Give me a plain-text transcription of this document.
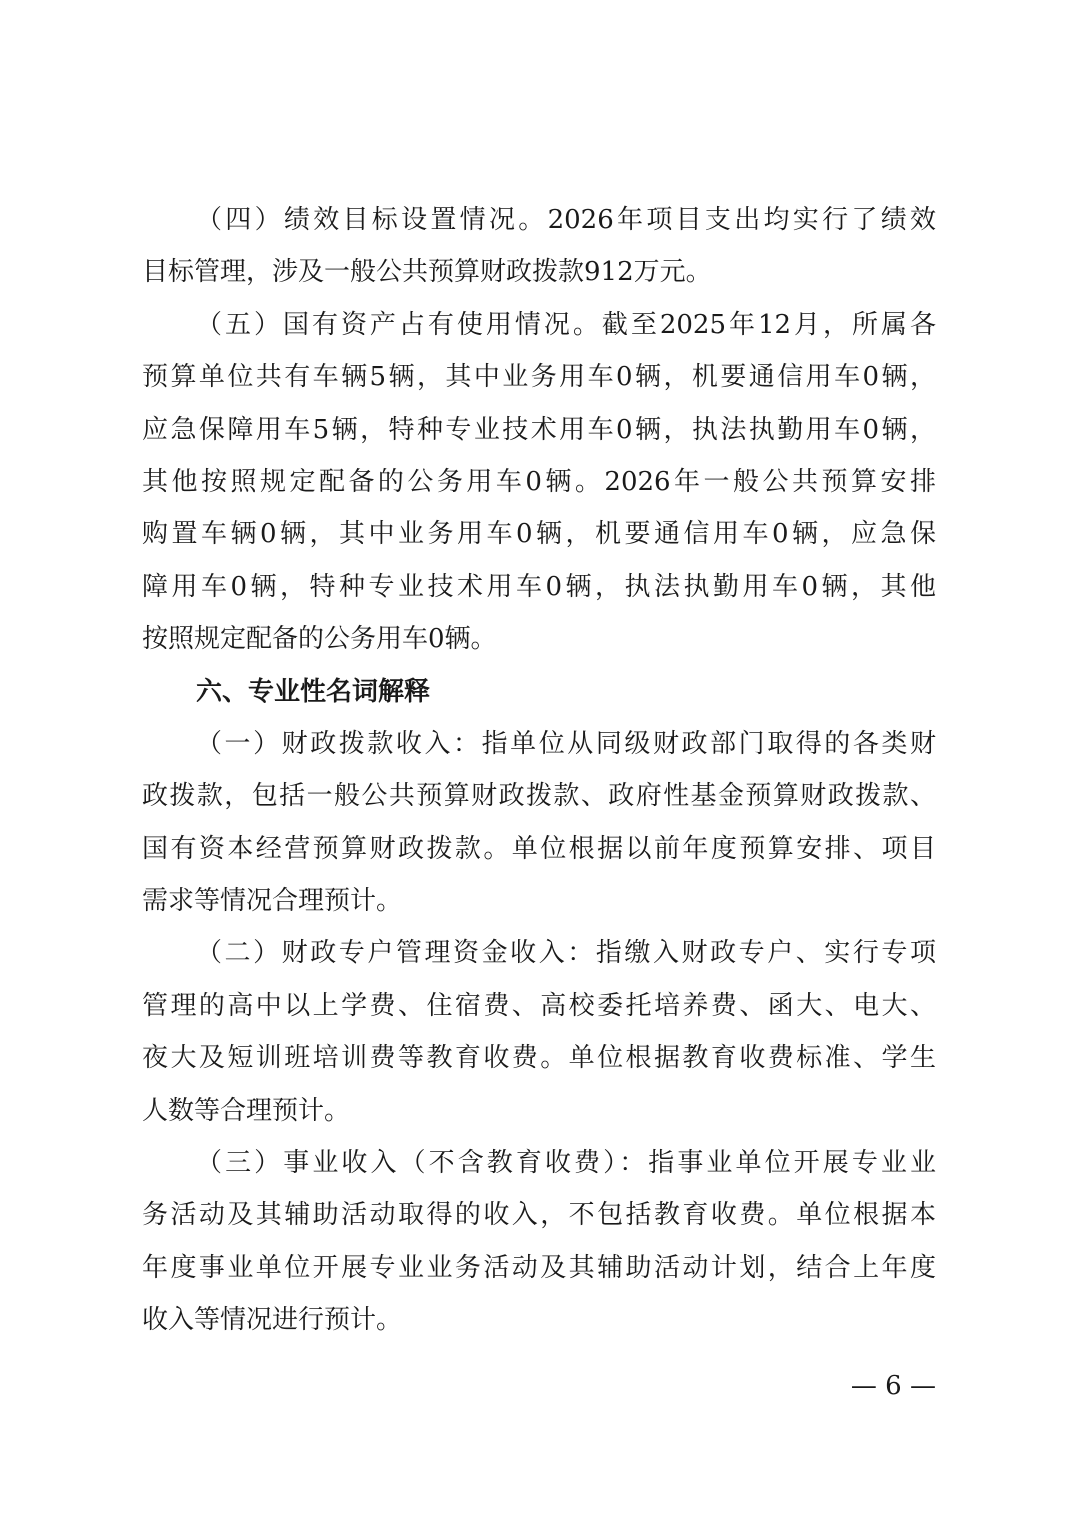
（四）绩效目标设置情况。2026年项目支出均实行了绩效
目标管理，涉及一般公共预算财政拨款912万元。
（五）国有资产占有使用情况。截至2025年12月，所属各
预算单位共有车辆5辆，其中业务用车0辆，机要通信用车0辆，
应急保障用车5辆，特种专业技术用车0辆，执法执勤用车0辆，
其他按照规定配备的公务用车0辆。2026年一般公共预算安排
购置车辆0辆，其中业务用车0辆，机要通信用车0辆，应急保
障用车0辆，特种专业技术用车0辆，执法执勤用车0辆，其他
按照规定配备的公务用车0辆。
六、专业性名词解释
（一）财政拨款收入：指单位从同级财政部门取得的各类财
政拨款，包括一般公共预算财政拨款、政府性基金预算财政拨款、
国有资本经营预算财政拨款。单位根据以前年度预算安排、项目
需求等情况合理预计。
（二）财政专户管理资金收入：指缴入财政专户、实行专项
管理的高中以上学费、住宿费、高校委托培养费、函大、电大、
夜大及短训班培训费等教育收费。单位根据教育收费标准、学生
人数等合理预计。
（三）事业收入（不含教育收费）：指事业单位开展专业业
务活动及其辅助活动取得的收入，不包括教育收费。单位根据本
年度事业单位开展专业业务活动及其辅助活动计划，结合上年度
收入等情况进行预计。
— 6 —
